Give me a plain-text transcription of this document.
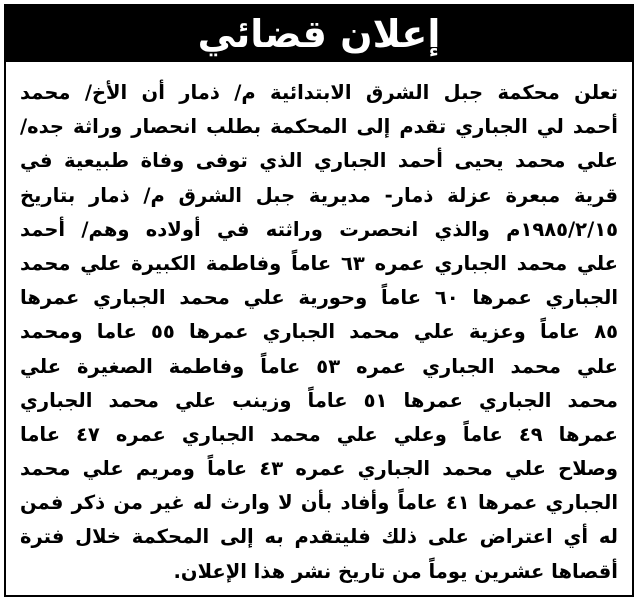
إعلان قضائي
تعلن محكمة جبل الشرق الابتدائية م/ ذمار أن الأخ/ محمد
أحمد لي الجباري تقدم إلى المحكمة بطلب انحصار وراثة جده/
علي محمد يحيى أحمد الجباري الذي توفى وفاة طبيعية في
قرية مبعرة عزلة ذمار- مديرية جبل الشرق م/ ذمار بتاريخ
١٩٨٥/٢/١٥م والذي انحصرت وراثته في أولاده وهم/ أحمد
علي محمد الجباري عمره ٦٣ عاماً وفاطمة الكبيرة علي محمد
الجباري عمرها ٦٠ عاماً وحورية علي محمد الجباري عمرها
٨٥ عاماً وعزية علي محمد الجباري عمرها ٥٥ عاما ومحمد
علي محمد الجباري عمره ٥٣ عاماً وفاطمة الصغيرة علي
محمد الجباري عمرها ٥١ عاماً وزينب علي محمد الجباري
عمرها ٤٩ عاماً وعلي علي محمد الجباري عمره ٤٧ عاما
وصلاح علي محمد الجباري عمره ٤٣ عاماً ومريم علي محمد
الجباري عمرها ٤١ عاماً وأفاد بأن لا وارث له غير من ذكر فمن
له أي اعتراض على ذلك فليتقدم به إلى المحكمة خلال فترة
أقصاها عشرين يوماً من تاريخ نشر هذا الإعلان.
